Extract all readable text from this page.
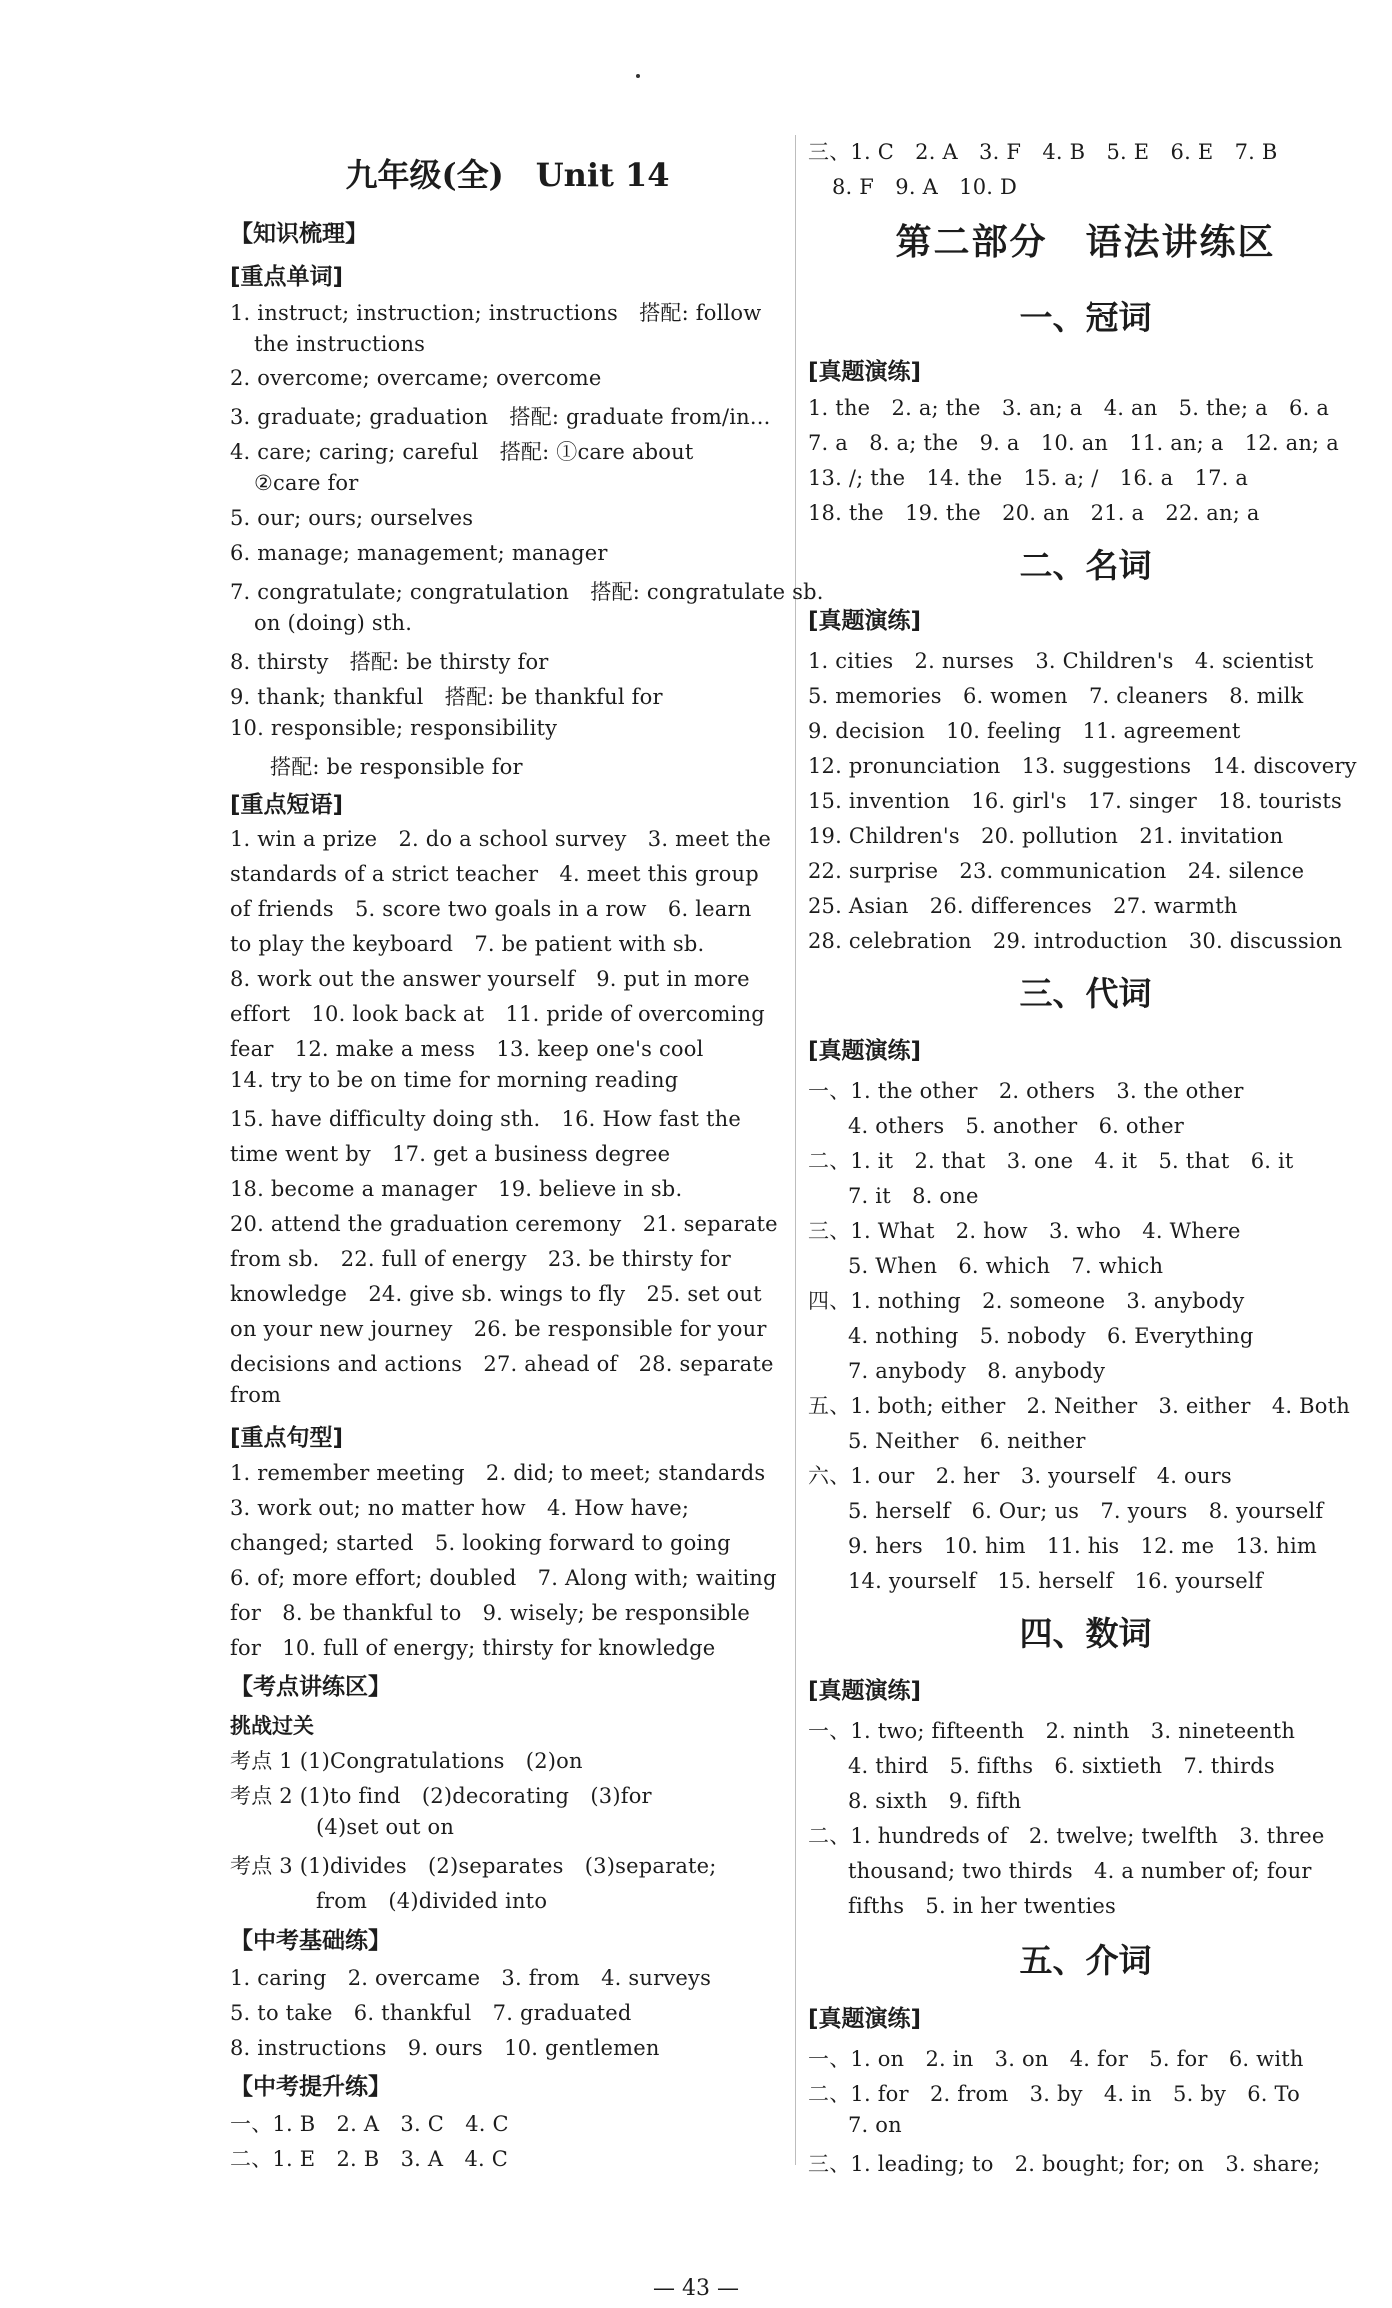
九年级(全)　Unit 14
【知识梳理】
[重点单词]
1. instruct; instruction; instructions　搭配: follow
the instructions
2. overcome; overcame; overcome
3. graduate; graduation　搭配: graduate from/in...
4. care; caring; careful　搭配: ①care about
②care for
5. our; ours; ourselves
6. manage; management; manager
7. congratulate; congratulation　搭配: congratulate sb.
on (doing) sth.
8. thirsty　搭配: be thirsty for
9. thank; thankful　搭配: be thankful for
10. responsible; responsibility
搭配: be responsible for
[重点短语]
1. win a prize　2. do a school survey　3. meet the
standards of a strict teacher　4. meet this group
of friends　5. score two goals in a row　6. learn
to play the keyboard　7. be patient with sb.
8. work out the answer yourself　9. put in more
effort　10. look back at　11. pride of overcoming
fear　12. make a mess　13. keep one's cool
14. try to be on time for morning reading
15. have difficulty doing sth.　16. How fast the
time went by　17. get a business degree
18. become a manager　19. believe in sb.
20. attend the graduation ceremony　21. separate
from sb.　22. full of energy　23. be thirsty for
knowledge　24. give sb. wings to fly　25. set out
on your new journey　26. be responsible for your
decisions and actions　27. ahead of　28. separate
from
[重点句型]
1. remember meeting　2. did; to meet; standards
3. work out; no matter how　4. How have;
changed; started　5. looking forward to going
6. of; more effort; doubled　7. Along with; waiting
for　8. be thankful to　9. wisely; be responsible
for　10. full of energy; thirsty for knowledge
【考点讲练区】
挑战过关
考点 1 (1)Congratulations　(2)on
考点 2 (1)to find　(2)decorating　(3)for
(4)set out on
考点 3 (1)divides　(2)separates　(3)separate;
from　(4)divided into
【中考基础练】
1. caring　2. overcame　3. from　4. surveys
5. to take　6. thankful　7. graduated
8. instructions　9. ours　10. gentlemen
【中考提升练】
一、1. B　2. A　3. C　4. C
二、1. E　2. B　3. A　4. C
三、1. C　2. A　3. F　4. B　5. E　6. E　7. B
8. F　9. A　10. D
第二部分　语法讲练区
一、冠词
[真题演练]
1. the　2. a; the　3. an; a　4. an　5. the; a　6. a
7. a　8. a; the　9. a　10. an　11. an; a　12. an; a
13. /; the　14. the　15. a; /　16. a　17. a
18. the　19. the　20. an　21. a　22. an; a
二、名词
[真题演练]
1. cities　2. nurses　3. Children's　4. scientist
5. memories　6. women　7. cleaners　8. milk
9. decision　10. feeling　11. agreement
12. pronunciation　13. suggestions　14. discovery
15. invention　16. girl's　17. singer　18. tourists
19. Children's　20. pollution　21. invitation
22. surprise　23. communication　24. silence
25. Asian　26. differences　27. warmth
28. celebration　29. introduction　30. discussion
三、代词
[真题演练]
一、1. the other　2. others　3. the other
4. others　5. another　6. other
二、1. it　2. that　3. one　4. it　5. that　6. it
7. it　8. one
三、1. What　2. how　3. who　4. Where
5. When　6. which　7. which
四、1. nothing　2. someone　3. anybody
4. nothing　5. nobody　6. Everything
7. anybody　8. anybody
五、1. both; either　2. Neither　3. either　4. Both
5. Neither　6. neither
六、1. our　2. her　3. yourself　4. ours
5. herself　6. Our; us　7. yours　8. yourself
9. hers　10. him　11. his　12. me　13. him
14. yourself　15. herself　16. yourself
四、数词
[真题演练]
一、1. two; fifteenth　2. ninth　3. nineteenth
4. third　5. fifths　6. sixtieth　7. thirds
8. sixth　9. fifth
二、1. hundreds of　2. twelve; twelfth　3. three
thousand; two thirds　4. a number of; four
fifths　5. in her twenties
五、介词
[真题演练]
一、1. on　2. in　3. on　4. for　5. for　6. with
二、1. for　2. from　3. by　4. in　5. by　6. To
7. on
三、1. leading; to　2. bought; for; on　3. share;
— 43 —
